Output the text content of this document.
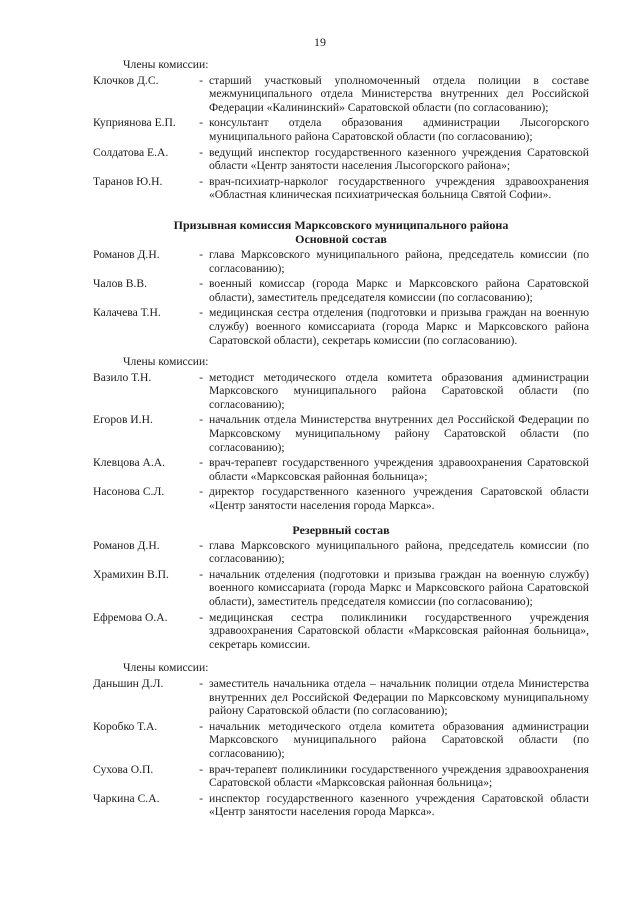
19
Члены комиссии:
Клочков Д.С.	- старший участковый уполномоченный отдела полиции в составе межмуниципального отдела Министерства внутренних дел Российской Федерации «Калининский» Саратовской области (по согласованию);
Куприянова Е.П.	- консультант отдела образования администрации Лысогорского муниципального района Саратовской области (по согласованию);
Солдатова Е.А.	- ведущий инспектор государственного казенного учреждения Саратовской области «Центр занятости населения Лысогорского района»;
Таранов Ю.Н.	- врач-психиатр-нарколог государственного учреждения здравоохранения «Областная клиническая психиатрическая больница Святой Софии».
Призывная комиссия Марксовского муниципального района
Основной состав
Романов Д.Н.	- глава Марксовского муниципального района, председатель комиссии (по согласованию);
Чалов В.В.	- военный комиссар (города Маркс и Марксовского района Саратовской области), заместитель председателя комиссии (по согласованию);
Калачева Т.Н.	- медицинская сестра отделения (подготовки и призыва граждан на военную службу) военного комиссариата (города Маркс и Марксовского района Саратовской области), секретарь комиссии (по согласованию).
Члены комиссии:
Вазило Т.Н.	- методист методического отдела комитета образования администрации Марксовского муниципального района Саратовской области (по согласованию);
Егоров И.Н.	- начальник отдела Министерства внутренних дел Российской Федерации по Марксовскому муниципальному району Саратовской области (по согласованию);
Клевцова А.А.	- врач-терапевт государственного учреждения здравоохранения Саратовской области «Марксовская районная больница»;
Насонова С.Л.	- директор государственного казенного учреждения Саратовской области «Центр занятости населения города Маркса».
Резервный состав
Романов Д.Н.	- глава Марксовского муниципального района, председатель комиссии (по согласованию);
Храмихин В.П.	- начальник отделения (подготовки и призыва граждан на военную службу) военного комиссариата (города Маркс и Марксовского района Саратовской области), заместитель председателя комиссии (по согласованию);
Ефремова О.А.	- медицинская сестра поликлиники государственного учреждения здравоохранения Саратовской области «Марксовская районная больница», секретарь комиссии.
Члены комиссии:
Даньшин Д.Л.	- заместитель начальника отдела – начальник полиции отдела Министерства внутренних дел Российской Федерации по Марксовскому муниципальному району Саратовской области (по согласованию);
Коробко Т.А.	- начальник методического отдела комитета образования администрации Марксовского муниципального района Саратовской области (по согласованию);
Сухова О.П.	- врач-терапевт поликлиники государственного учреждения здравоохранения Саратовской области «Марксовская районная больница»;
Чаркина С.А.	- инспектор государственного казенного учреждения Саратовской области «Центр занятости населения города Маркса».
